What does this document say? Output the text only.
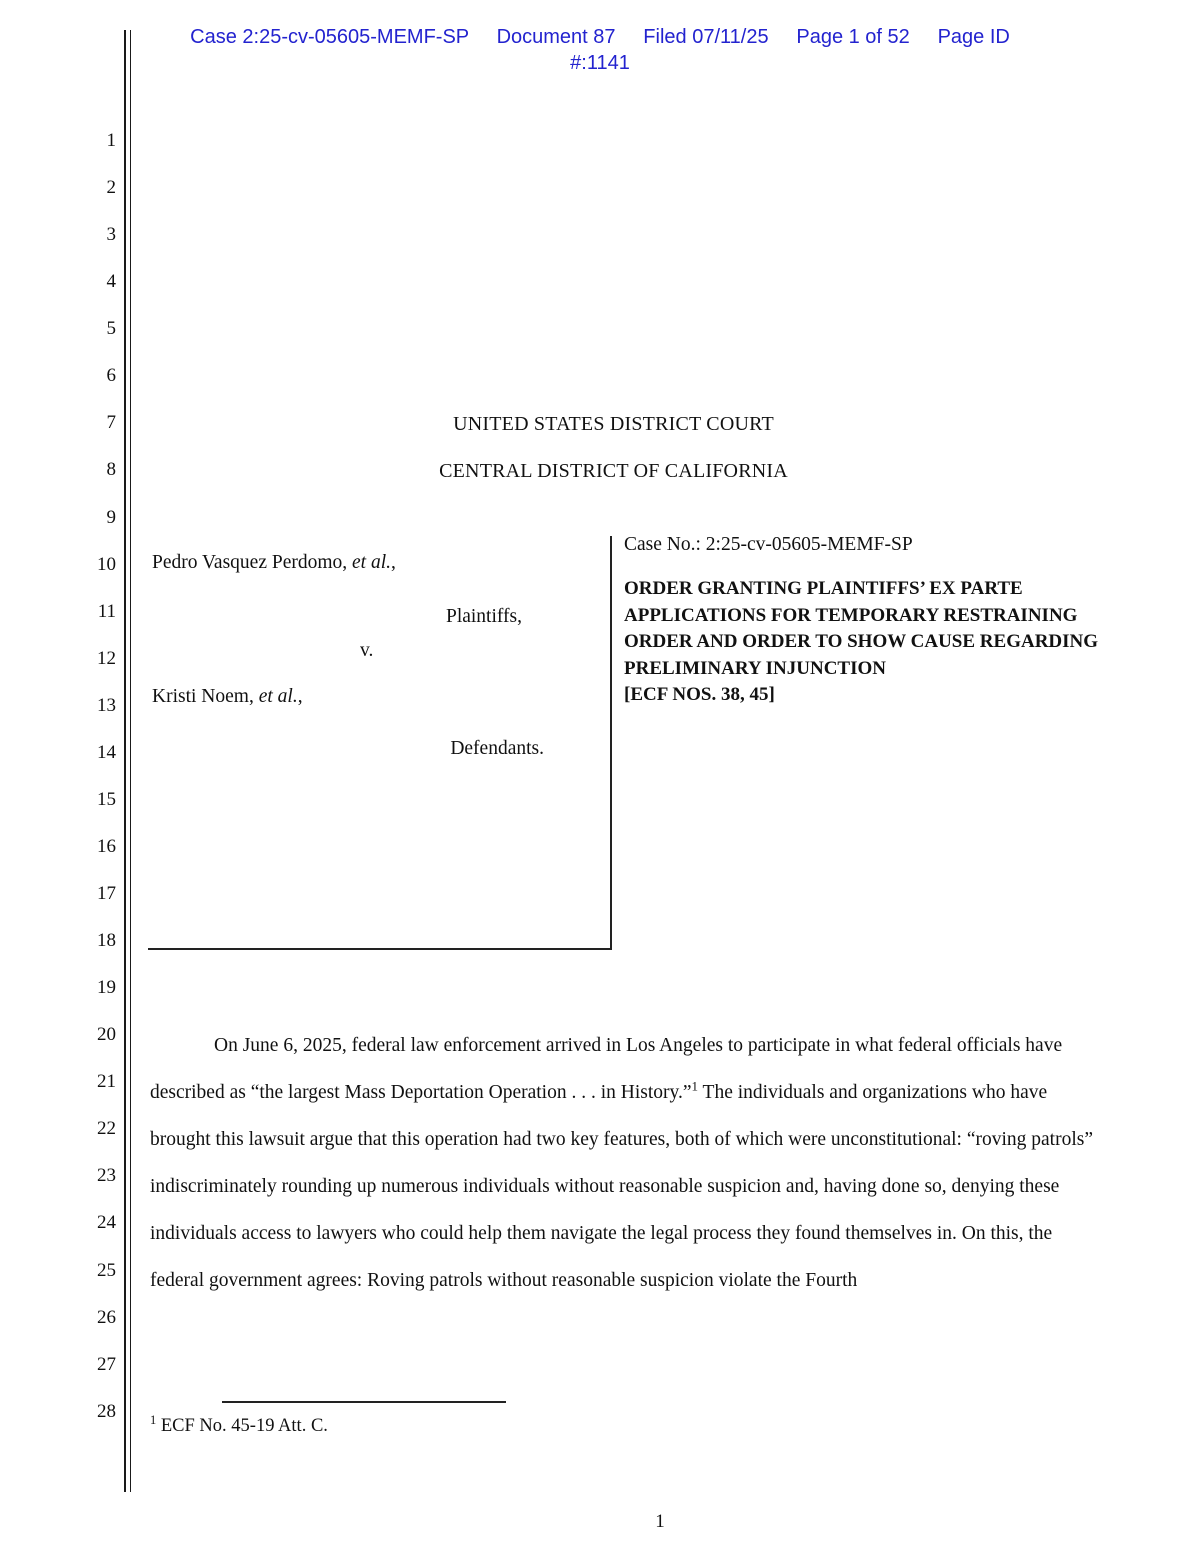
Case 2:25-cv-05605-MEMF-SP     Document 87     Filed 07/11/25     Page 1 of 52     Page ID
#:1141
1
2
3
4
5
6
7
8
9
10
11
12
13
14
15
16
17
18
19
20
21
22
23
24
25
26
27
28
UNITED STATES DISTRICT COURT
CENTRAL DISTRICT OF CALIFORNIA
Pedro Vasquez Perdomo, et al.,
Plaintiffs,
v.
Kristi Noem, et al.,
Defendants.
Case No.: 2:25-cv-05605-MEMF-SP
ORDER GRANTING PLAINTIFFS’ EX PARTE APPLICATIONS FOR TEMPORARY RESTRAINING ORDER AND ORDER TO SHOW CAUSE REGARDING PRELIMINARY INJUNCTION
[ECF NOS. 38, 45]
On June 6, 2025, federal law enforcement arrived in Los Angeles to participate in what federal officials have described as “the largest Mass Deportation Operation . . . in History.”$^1$ The individuals and organizations who have brought this lawsuit argue that this operation had two key features, both of which were unconstitutional: “roving patrols” indiscriminately rounding up numerous individuals without reasonable suspicion and, having done so, denying these individuals access to lawyers who could help them navigate the legal process they found themselves in. On this, the federal government agrees: Roving patrols without reasonable suspicion violate the Fourth
$^1$ ECF No. 45-19 Att. C.
1
